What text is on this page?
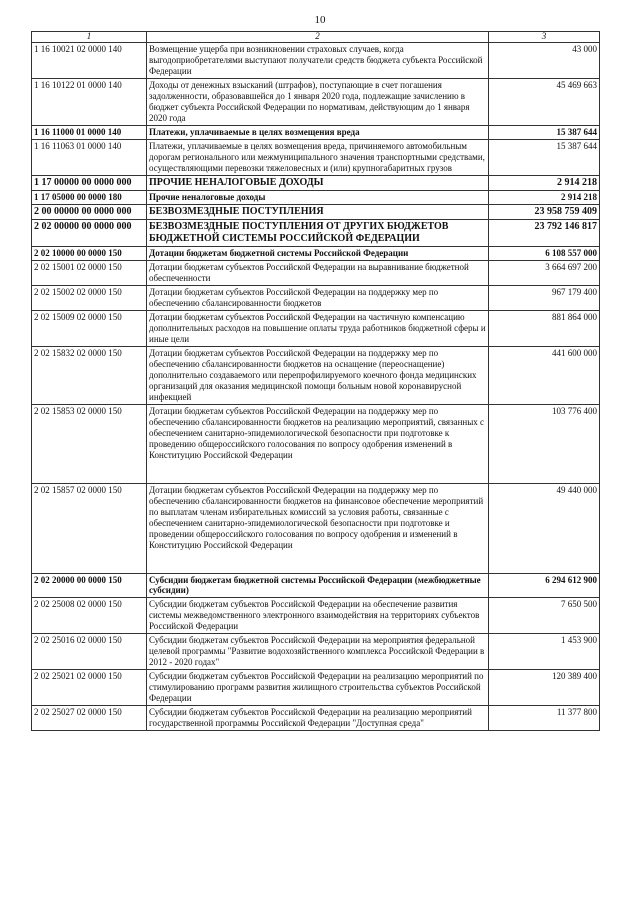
10
1	2	3
1 16 10021 02 0000 140	Возмещение ущерба при возникновении страховых случаев, когда выгодоприобретателями выступают получатели средств бюджета субъекта Российской Федерации	43 000
1 16 10122 01 0000 140	Доходы от денежных взысканий (штрафов), поступающие в счет погашения задолженности, образовавшейся до 1 января 2020 года, подлежащие зачислению в бюджет субъекта Российской Федерации по нормативам, действующим до 1 января 2020 года	45 469 663
1 16 11000 01 0000 140	Платежи, уплачиваемые в целях возмещения вреда	15 387 644
1 16 11063 01 0000 140	Платежи, уплачиваемые в целях возмещения вреда, причиняемого автомобильным дорогам регионального или межмуниципального значения транспортными средствами, осуществляющими перевозки тяжеловесных и (или) крупногабаритных грузов	15 387 644
1 17 00000 00 0000 000	ПРОЧИЕ НЕНАЛОГОВЫЕ ДОХОДЫ	2 914 218
1 17 05000 00 0000 180	Прочие неналоговые доходы	2 914 218
2 00 00000 00 0000 000	БЕЗВОЗМЕЗДНЫЕ ПОСТУПЛЕНИЯ	23 958 759 409
2 02 00000 00 0000 000	БЕЗВОЗМЕЗДНЫЕ ПОСТУПЛЕНИЯ ОТ ДРУГИХ БЮДЖЕТОВ БЮДЖЕТНОЙ СИСТЕМЫ РОССИЙСКОЙ ФЕДЕРАЦИИ	23 792 146 817
2 02 10000 00 0000 150	Дотации бюджетам бюджетной системы Российской Федерации	6 108 557 000
2 02 15001 02 0000 150	Дотации бюджетам субъектов Российской Федерации на выравнивание бюджетной обеспеченности	3 664 697 200
2 02 15002 02 0000 150	Дотации бюджетам субъектов Российской Федерации на поддержку мер по обеспечению сбалансированности бюджетов	967 179 400
2 02 15009 02 0000 150	Дотации бюджетам субъектов Российской Федерации на частичную компенсацию дополнительных расходов на повышение оплаты труда работников бюджетной сферы и иные цели	881 864 000
2 02 15832 02 0000 150	Дотации бюджетам субъектов Российской Федерации на поддержку мер по обеспечению сбалансированности бюджетов на оснащение (переоснащение) дополнительно создаваемого или перепрофилируемого коечного фонда медицинских организаций для оказания медицинской помощи больным новой коронавирусной инфекцией	441 600 000
2 02 15853 02 0000 150	Дотации бюджетам субъектов Российской Федерации на поддержку мер по обеспечению сбалансированности бюджетов на реализацию мероприятий, связанных с обеспечением санитарно-эпидемиологической безопасности при подготовке к проведению общероссийского голосования по вопросу одобрения изменений в Конституцию Российской Федерации	103 776 400
2 02 15857 02 0000 150	Дотации бюджетам субъектов Российской Федерации на поддержку мер по обеспечению сбалансированности бюджетов на финансовое обеспечение мероприятий по выплатам членам избирательных комиссий за условия работы, связанные с обеспечением санитарно-эпидемиологической безопасности при подготовке и проведении общероссийского голосования по вопросу одобрения и изменений в Конституцию Российской Федерации	49 440 000
2 02 20000 00 0000 150	Субсидии бюджетам бюджетной системы Российской Федерации (межбюджетные субсидии)	6 294 612 900
2 02 25008 02 0000 150	Субсидии бюджетам субъектов Российской Федерации на обеспечение развития системы межведомственного электронного взаимодействия на территориях субъектов Российской Федерации	7 650 500
2 02 25016 02 0000 150	Субсидии бюджетам субъектов Российской Федерации на мероприятия федеральной целевой программы "Развитие водохозяйственного комплекса Российской Федерации в 2012 - 2020 годах"	1 453 900
2 02 25021 02 0000 150	Субсидии бюджетам субъектов Российской Федерации на реализацию мероприятий по стимулированию программ развития жилищного строительства субъектов Российской Федерации	120 389 400
2 02 25027 02 0000 150	Субсидии бюджетам субъектов Российской Федерации на реализацию мероприятий государственной программы Российской Федерации "Доступная среда"	11 377 800
